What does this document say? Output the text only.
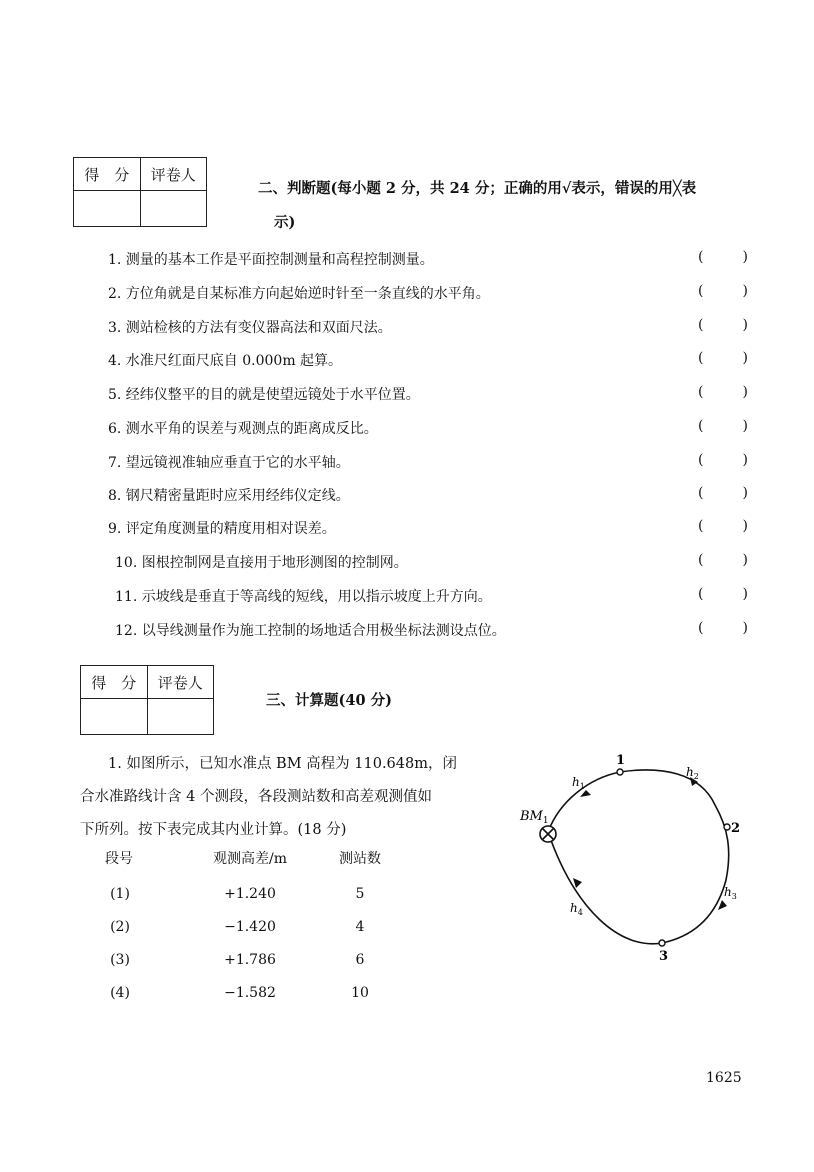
得　分	评卷人

二、判断题(每小题 2 分，共 24 分；正确的用√表示，错误的用╳表
示)
1. 测量的基本工作是平面控制测量和高程控制测量。	(	)
2. 方位角就是自某标准方向起始逆时针至一条直线的水平角。	(	)
3. 测站检核的方法有变仪器高法和双面尺法。	(	)
4. 水准尺红面尺底自 0.000m 起算。	(	)
5. 经纬仪整平的目的就是使望远镜处于水平位置。	(	)
6. 测水平角的误差与观测点的距离成反比。	(	)
7. 望远镜视准轴应垂直于它的水平轴。	(	)
8. 钢尺精密量距时应采用经纬仪定线。	(	)
9. 评定角度测量的精度用相对误差。	(	)
10. 图根控制网是直接用于地形测图的控制网。	(	)
11. 示坡线是垂直于等高线的短线，用以指示坡度上升方向。	(	)
12. 以导线测量作为施工控制的场地适合用极坐标法测设点位。	(	)
得　分	评卷人

三、计算题(40 分)
1. 如图所示，已知水准点 BM 高程为 110.648m，闭
合水准路线计含 4 个测段，各段测站数和高差观测值如
下所列。按下表完成其内业计算。(18 分)
段号	观测高差/m	测站数
(1)	+1.240	5
(2)	−1.420	4
(3)	+1.786	6
(4)	−1.582	10
$BM_1$
1
2
3
$h_1$
$h_2$
$h_3$
$h_4$
1625
